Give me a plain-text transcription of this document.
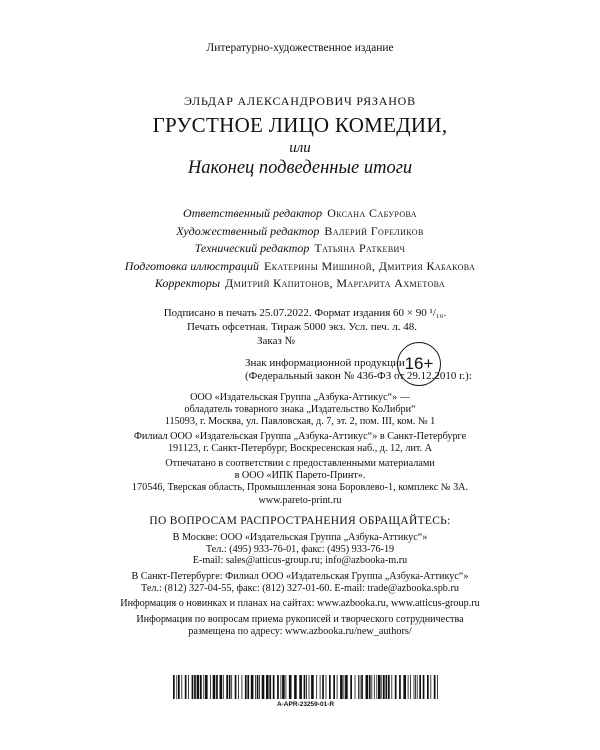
Литературно-художественное издание
ЭЛЬДАР АЛЕКСАНДРОВИЧ РЯЗАНОВ
ГРУСТНОЕ ЛИЦО КОМЕДИИ,
или
Наконец подведенные итоги
Ответственный редактор Оксана Сабурова
Художественный редактор Валерий Гореликов
Технический редактор Татьяна Раткевич
Подготовка иллюстраций Екатерины Мишиной, Дмитрия Кабакова
Корректоры Дмитрий Капитонов, Маргарита Ахметова
Подписано в печать 25.07.2022. Формат издания 60 × 90 ¹/₁₆.
Печать офсетная. Тираж 5000 экз. Усл. печ. л. 48.
Заказ №
Знак информационной продукции
(Федеральный закон № 436-ФЗ от 29.12.2010 г.):
16+
ООО «Издательская Группа „Азбука-Аттикус“» —
обладатель товарного знака „Издательство КоЛибри“
115093, г. Москва, ул. Павловская, д. 7, эт. 2, пом. III, ком. № 1
Филиал ООО «Издательская Группа „Азбука-Аттикус“» в Санкт-Петербурге
191123, г. Санкт-Петербург, Воскресенская наб., д. 12, лит. А
Отпечатано в соответствии с предоставленными материалами
в ООО «ИПК Парето-Принт».
170546, Тверская область, Промышленная зона Боровлево-1, комплекс № 3А.
www.pareto-print.ru
ПО ВОПРОСАМ РАСПРОСТРАНЕНИЯ ОБРАЩАЙТЕСЬ:
В Москве: ООО «Издательская Группа „Азбука-Аттикус“»
Тел.: (495) 933-76-01, факс: (495) 933-76-19
E-mail: sales@atticus-group.ru; info@azbooka-m.ru
В Санкт-Петербурге: Филиал ООО «Издательская Группа „Азбука-Аттикус“»
Тел.: (812) 327-04-55, факс: (812) 327-01-60. E-mail: trade@azbooka.spb.ru
Информация о новинках и планах на сайтах: www.azbooka.ru, www.atticus-group.ru
Информация по вопросам приема рукописей и творческого сотрудничества
размещена по адресу: www.azbooka.ru/new_authors/
A-APR-23259-01-R
